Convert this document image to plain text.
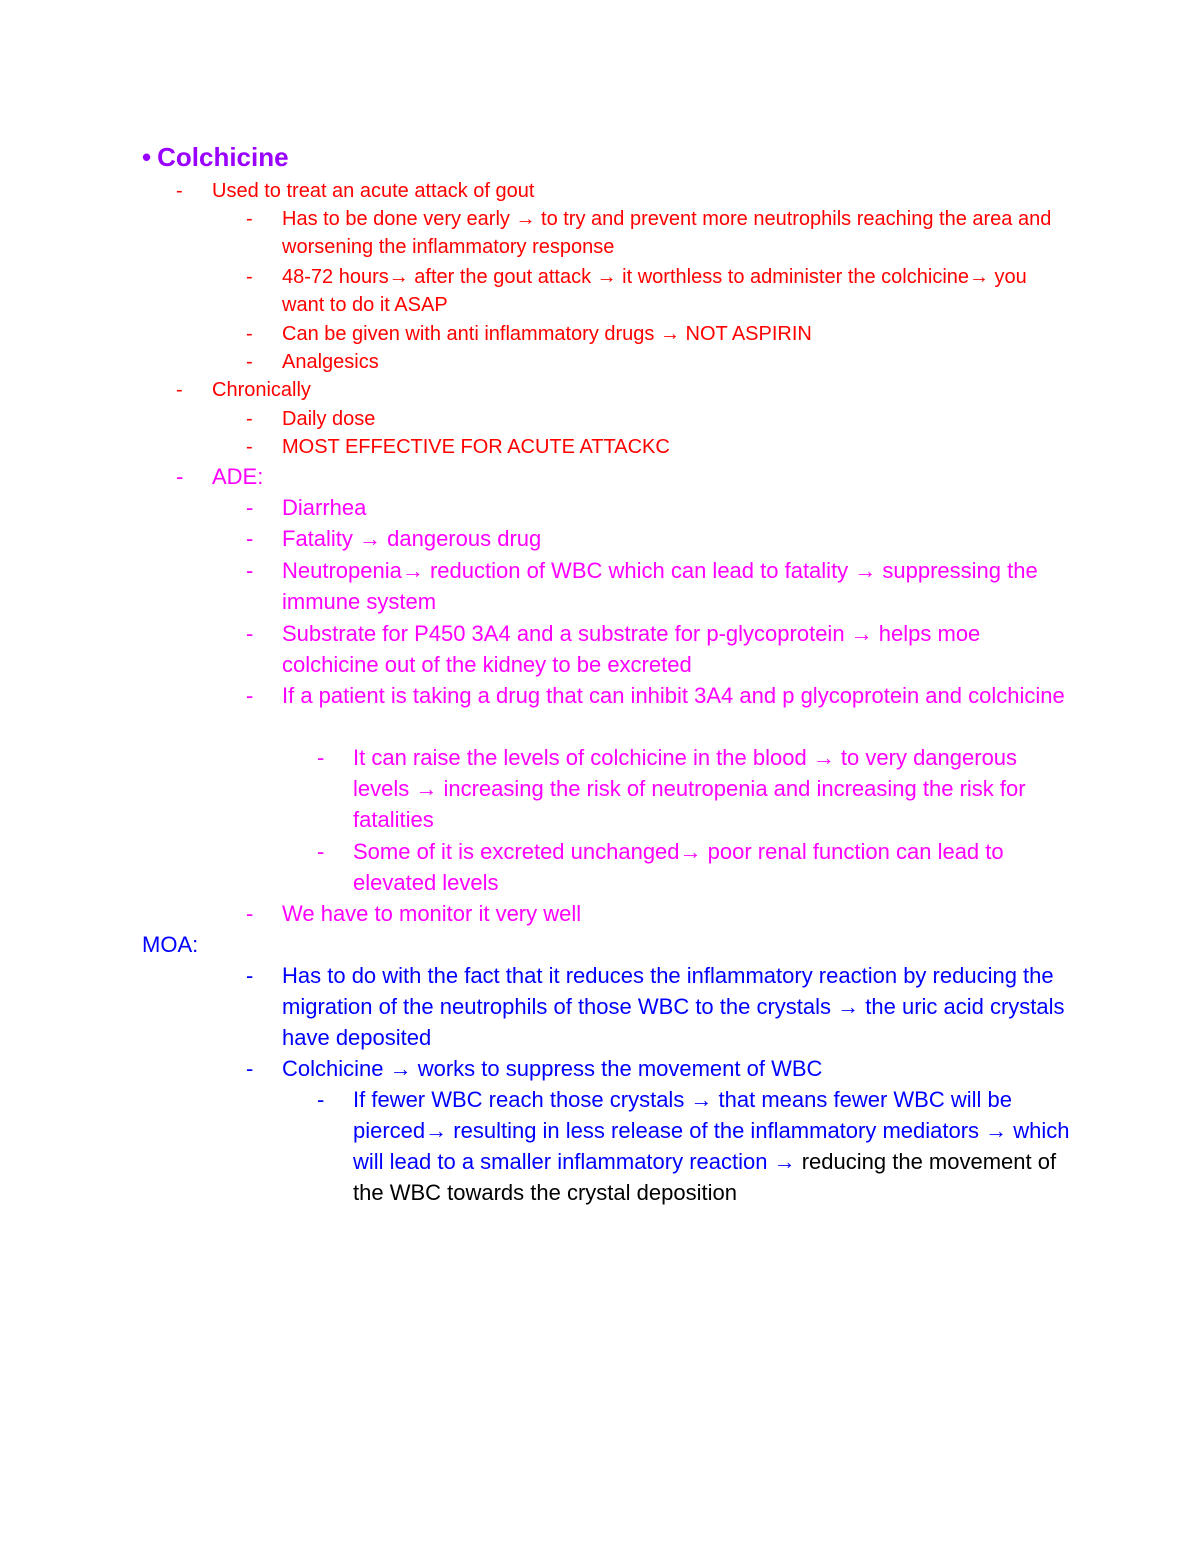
• Colchicine
- Used to treat an acute attack of gout
- Has to be done very early → to try and prevent more neutrophils reaching the area and worsening the inflammatory response
- 48-72 hours→ after the gout attack → it worthless to administer the colchicine→ you want to do it ASAP
- Can be given with anti inflammatory drugs → NOT ASPIRIN
- Analgesics
- Chronically
- Daily dose
- MOST EFFECTIVE FOR ACUTE ATTACKC
- ADE:
- Diarrhea
- Fatality → dangerous drug
- Neutropenia→ reduction of WBC which can lead to fatality → suppressing the immune system
- Substrate for P450 3A4 and a substrate for p-glycoprotein → helps moe colchicine out of the kidney to be excreted
- If a patient is taking a drug that can inhibit 3A4 and p glycoprotein and colchicine
- It can raise the levels of colchicine in the blood → to very dangerous levels → increasing the risk of neutropenia and increasing the risk for fatalities
- Some of it is excreted unchanged→ poor renal function can lead to elevated levels
- We have to monitor it very well
MOA:
- Has to do with the fact that it reduces the inflammatory reaction by reducing the migration of the neutrophils of those WBC to the crystals → the uric acid crystals have deposited
- Colchicine → works to suppress the movement of WBC
- If fewer WBC reach those crystals → that means fewer WBC will be pierced→ resulting in less release of the inflammatory mediators → which will lead to a smaller inflammatory reaction → reducing the movement of the WBC towards the crystal deposition
